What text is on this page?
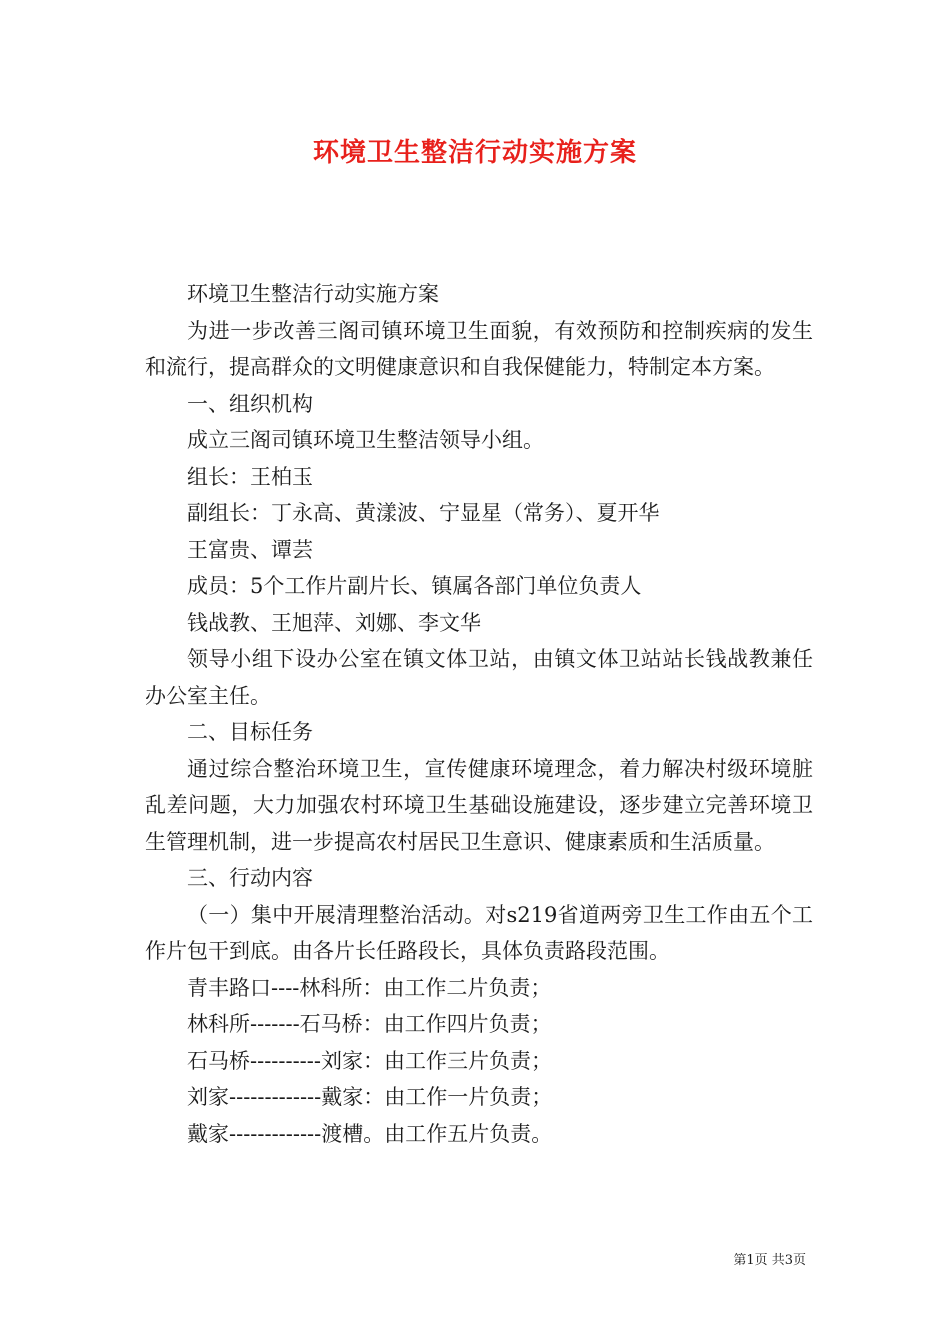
环境卫生整洁行动实施方案

环境卫生整洁行动实施方案

为进一步改善三阁司镇环境卫生面貌，有效预防和控制疾病的发生和流行，提高群众的文明健康意识和自我保健能力，特制定本方案。

一、组织机构

成立三阁司镇环境卫生整洁领导小组。

组长：王柏玉

副组长：丁永高、黄漾波、宁显星（常务）、夏开华

王富贵、谭芸

成员：5个工作片副片长、镇属各部门单位负责人

钱战教、王旭萍、刘娜、李文华

领导小组下设办公室在镇文体卫站，由镇文体卫站站长钱战教兼任办公室主任。

二、目标任务

通过综合整治环境卫生，宣传健康环境理念，着力解决村级环境脏乱差问题，大力加强农村环境卫生基础设施建设，逐步建立完善环境卫生管理机制，进一步提高农村居民卫生意识、健康素质和生活质量。

三、行动内容

（一）集中开展清理整治活动。对s219省道两旁卫生工作由五个工作片包干到底。由各片长任路段长，具体负责路段范围。

青丰路口----林科所：由工作二片负责；

林科所-------石马桥：由工作四片负责；

石马桥----------刘家：由工作三片负责；

刘家-------------戴家：由工作一片负责；

戴家-------------渡槽。由工作五片负责。

第1页 共3页
